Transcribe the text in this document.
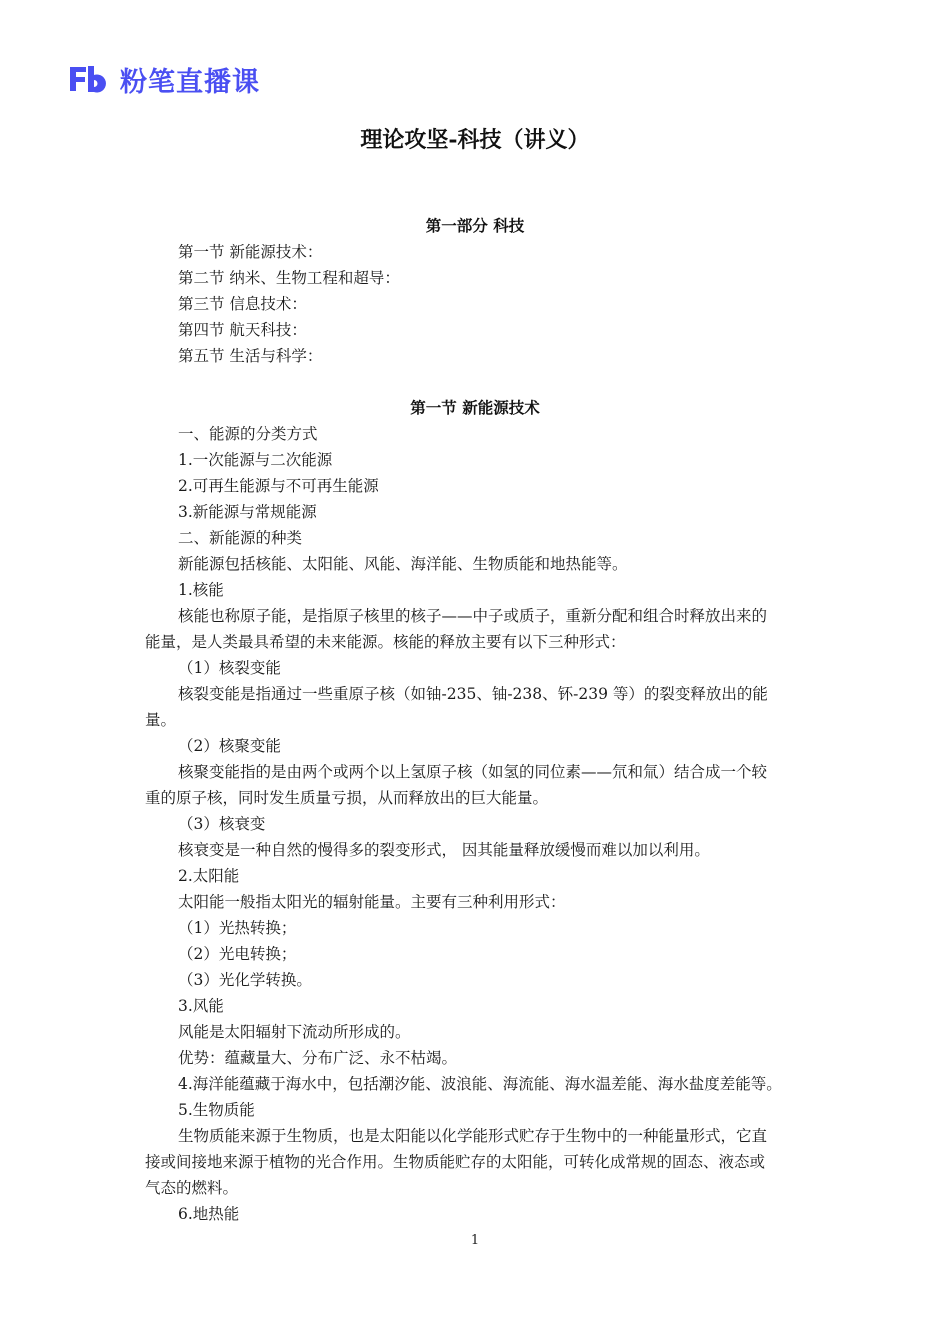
粉笔直播课
理论攻坚-科技（讲义）
第一部分 科技
第一节 新能源技术：
第二节 纳米、生物工程和超导：
第三节 信息技术：
第四节 航天科技：
第五节 生活与科学：
第一节 新能源技术
一、能源的分类方式
1.一次能源与二次能源
2.可再生能源与不可再生能源
3.新能源与常规能源
二、新能源的种类
新能源包括核能、太阳能、风能、海洋能、生物质能和地热能等。
1.核能
核能也称原子能，是指原子核里的核子——中子或质子，重新分配和组合时释放出来的
能量，是人类最具希望的未来能源。核能的释放主要有以下三种形式：
（1）核裂变能
核裂变能是指通过一些重原子核（如铀-235、铀-238、钚-239 等）的裂变释放出的能
量。
（2）核聚变能
核聚变能指的是由两个或两个以上氢原子核（如氢的同位素——氘和氚）结合成一个较
重的原子核，同时发生质量亏损，从而释放出的巨大能量。
（3）核衰变
核衰变是一种自然的慢得多的裂变形式， 因其能量释放缓慢而难以加以利用。
2.太阳能
太阳能一般指太阳光的辐射能量。主要有三种利用形式：
（1）光热转换；
（2）光电转换；
（3）光化学转换。
3.风能
风能是太阳辐射下流动所形成的。
优势：蕴藏量大、分布广泛、永不枯竭。
4.海洋能蕴藏于海水中，包括潮汐能、波浪能、海流能、海水温差能、海水盐度差能等。
5.生物质能
生物质能来源于生物质，也是太阳能以化学能形式贮存于生物中的一种能量形式，它直
接或间接地来源于植物的光合作用。生物质能贮存的太阳能，可转化成常规的固态、液态或
气态的燃料。
6.地热能
1
